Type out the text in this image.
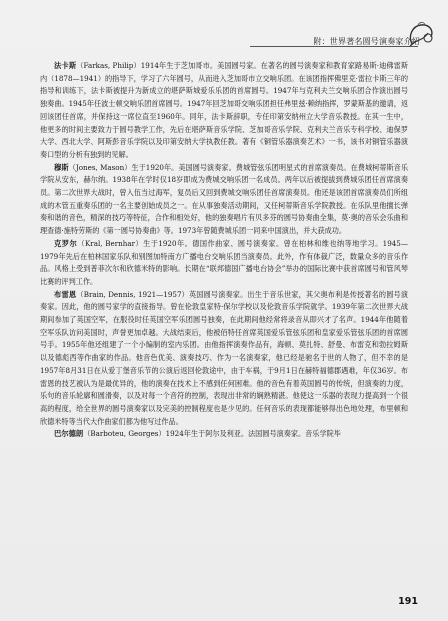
附：世界著名圆号演奏家介绍

法卡斯（Farkas, Philip）1914年生于芝加哥市。美国圆号家。在著名的圆号演奏家和教育家路易斯·迪佛雷斯内（1878—1941）的指导下，学习了六年圆号，从而进入芝加哥市立交响乐团。在该团指挥佛里克·雷拉卡斯三年的指导和训练下，法卡斯被提升为新成立的堪萨斯城爱乐乐团的首席圆号。1947年与克利夫兰交响乐团合作演出圆号独奏曲。1945年任波士顿交响乐团首席圆号。1947年回芝加哥交响乐团担任弗里兹·赖纳指挥，罗蒙斯基的邀请，返回该团任首席，并保持这一席位直至1960年。同年，法卡斯辞职，专任印第安纳州立大学音乐教授。在其一生中，他更多的时间主要致力于圆号教学工作，先后在堪萨斯音乐学院、芝加哥音乐学院、克利夫兰音乐专科学校、迪保罗大学、西北大学、阿斯彭音乐学院以及印第安纳大学执教任教。著有《铜管乐器演奏艺术》一书，该书对铜管乐器演奏口型的分析有独到的见解。

穆斯（Jones, Mason）生于1920年。美国圆号演奏家。费城管弦乐团明星式的首席演奏员。在费城柯蒂斯音乐学院从安东，赫尔纳。1938年在学时仅18岁即成为费城交响乐团一名成员。两年以后被提拔到费城乐团任首席演奏员。第二次世界大战时，曾入伍当过海军，复员后又回到费城交响乐团任首席演奏员。他还是该团首席演奏员们所组成的木管五重奏乐团的一名主要创始成员之一。在从事独奏活动期间，又任柯蒂斯音乐学院教授。在乐队里他擅长弹奏和谐的音色，精深的技巧等特征，合作和相处好，他的独奏唱片有贝多芬的圆号协奏曲全集，莫·奥的音乐会乐曲和理查德·施特劳斯的《第一圆号协奏曲》等。1973年曾随费城乐团一同来中国演出，并大获成功。

克罗尔（Kral, Bernhar）生于1920年。德国作曲家、圆号演奏家。曾在柏林和维也纳等地学习。1945—1979年先后在柏林国家乐队和别图加特南方广播电台交响乐团当演奏员。此外，作有体裁广泛，数量众多的音乐作品。风格上受到普菲次尔和欣德米特的影响。长期在“联邦德国广播电台协会”举办的国际比赛中获首席圆号和管风琴比赛的评判工作。

布雷恩（Brain, Dennis, 1921—1957）英国圆号演奏家。出生于音乐世家，其父奥布利是传授著名的圆号演奏家。因此，他的圆号家学的直接指导。曾在伦敦皇家特·保尔学校以及伦敦音乐学院就学。1939年第二次世界大战期间参加了英国空军，在服役时任英国空军乐团圆号独奏，在此期间他经常将录音从即兴才了名声。1944年他随着空军乐队访问美国时，声誉更加卓越。大战结束后，他被佰特任首席英国爱乐管弦乐团和皇家爱乐管弦乐团的首席圆号手。1955年他还组建了一个小编制的室内乐团。由他指挥演奏作品有，海顿、莫扎特、舒曼、布雷克和勃拉姆斯以及德彪西等作曲家的作品。他音色优美、演奏技巧、作为一名演奏家，他已经是驰名于世的人物了，但不幸的是1957年8月31日在从爱丁堡音乐节的公演后返回伦敦途中，由于车祸，于9月1日在赫特福德郡遇难，年仅36岁。布雷恩的技艺被认为是最优异的，他的演奏在技术上不感到任何困难。他的音色有着英国圆号的传统，但演奏的力度，乐句的音乐轮廓和圆滑奏，以及对每一个音符的控制，表现出非常的娴熟精湛。他使这一乐器的表现力提高到一个很高的程度，给全世界的圆号演奏家以及完美的控制程度也是少见的。任何音乐的表现都能够得出色地处理，布里顿和欣德米特等当代大作曲家们都为他写过作品。

巴尔德朗（Barboteu, Georges）1924年生于阿尔及利亚。法国圆号演奏家。音乐学院毕

191
